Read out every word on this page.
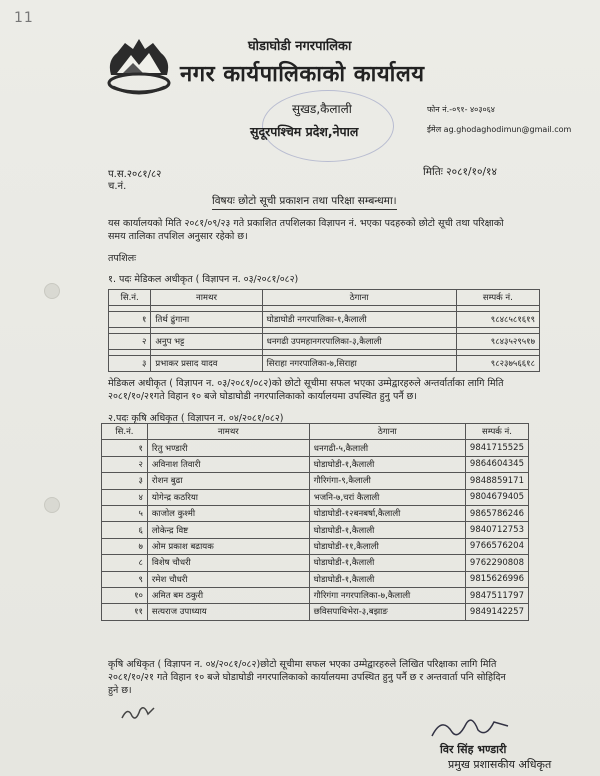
11
घोडाघोडी नगरपालिका
नगर कार्यपालिकाको कार्यालय
सुखड,कैलाली
सुदूरपश्चिम प्रदेश,नेपाल
फोन नं.-०९१- ४०३०६४
ईमेल ag.ghodaghodimun@gmail.com
प.स.२०८१/८२
च.नं.
मितिः २०८१/१०/१४
विषयः छोटो सूची प्रकाशन तथा परिक्षा सम्बन्धमा।
यस कार्यालयको मिति २०८१/०९/२३ गते प्रकाशित तपशिलका विज्ञापन नं. भएका पदहरुको छोटो सूची तथा परिक्षाको समय तालिका तपशिल अनुसार रहेको छ।
तपशिलः
१. पदः मेडिकल अधीकृत ( विज्ञापन न. ०३/२०८१/०८२)
सि.नं.	नामथर	ठेगाना	सम्पर्क नं.

१	तिर्थ ढुंगाना	घोडाघोडी नगरपालिका-१,कैलाली	९८४८५८१६१९

२	अनुप भट्ट	धनगढी उपमहानगरपालिका-३,कैलाली	९८४३५२९५१७

३	प्रभाकर प्रसाद यादव	सिराहा नगरपालिका-७,सिराहा	९८२३७५६६१८
मेडिकल अधीकृत ( विज्ञापन न. ०३/२०८१/०८२)को छोटो सूचीमा सफल भएका उम्मेद्वारहरुले अन्तर्वार्ताका लागि मिति २०८१/१०/२१गते विहान १० बजे घोडाघोडी नगरपालिकाको कार्यालयमा उपस्थित हुनु पर्नै छ।
२.पदः कृषि अधिकृत ( विज्ञापन न. ०४/२०८१/०८२)
सि.नं.	नामथर	ठेगाना	सम्पर्क नं.
१	रितु भण्डारी	धनगढी-५,कैलाली	9841715525
२	अविनाश तिवारी	घोडाघोडी-१,कैलाली	9864604345
३	रोशन बुढा	गौरिगंगा-९,कैलाली	9848859171
४	योगेन्द्र कठरिया	भजनि-७,चरां कैलाली	9804679405
५	काजोल कुश्मी	घोडाघोडी-१२बनबर्षा,कैलाली	9865786246
६	लोकेन्द्र विष्ट	घोडाघोडी-१,कैलाली	9840712753
७	ओम प्रकाश बढायक	घोडाघोडी-११,कैलाली	9766576204
८	विशेष चौधरी	घोडाघोडी-१,कैलाली	9762290808
९	रमेश चौधरी	घोडाघोडी-१,कैलाली	9815626996
१०	अमित बम ठकुरी	गौरिगंगा नगरपालिका-७,कैलाली	9847511797
११	सत्यराज उपाध्याय	छविसपाथिभेरा-३,बझाङ	9849142257
कृषि अधिकृत ( विज्ञापन न. ०४/२०८१/०८२)छोटो सूचीमा सफल भएका उम्मेद्वारहरुले लिखित परिक्षाका लागि मिति २०८१/१०/२१ गते विहान १० बजे घोडाघोडी नगरपालिकाको कार्यालयमा उपस्थित हुनु पर्नै छ र अन्तवार्ता पनि सोहिदिन हुने छ।
विर सिंह भण्डारी
प्रमुख प्रशासकीय अधिकृत
